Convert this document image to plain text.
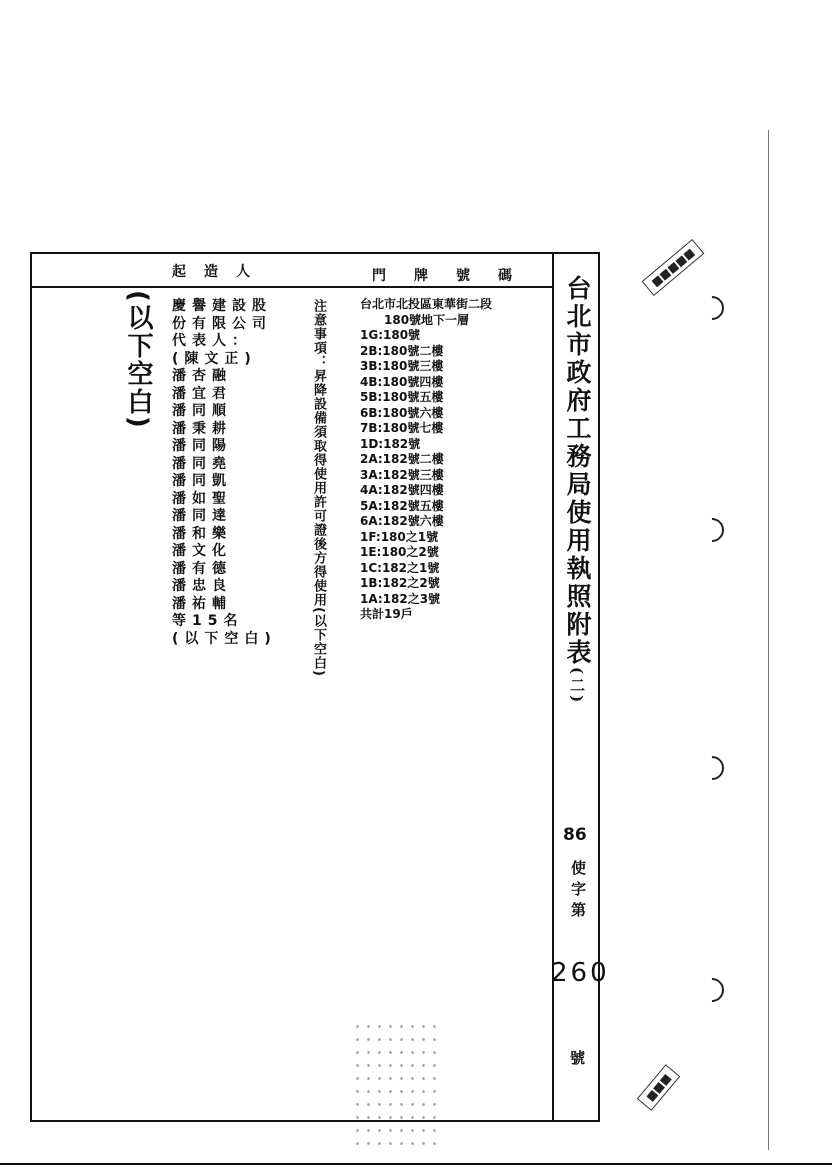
起造人	門牌號碼 台北市政府工務局使用執照附表(二)
(以下空白) 慶譽建設股
份有限公司
代表人：
(陳文正)
潘杏融
潘宜君
潘同順
潘秉耕
潘同陽
潘同堯
潘同凱
潘如聖
潘同達
潘和樂
潘文化
潘有德
潘忠良
潘祐輔
等15名
(以下空白)	注意事項：昇降設備須取得使用許可證後方得使用(以下空白)	台北市北投區東華街二段
180號地下一層
1G:180號
2B:180號二樓
3B:180號三樓
4B:180號四樓
5B:180號五樓
6B:180號六樓
7B:180號七樓
1D:182號
2A:182號二樓
3A:182號三樓
4A:182號四樓
5A:182號五樓
6A:182號六樓
1F:180之1號
1E:180之2號
1C:182之1號
1B:182之2號
1A:182之3號
共計19戶
86
使字第
260
號
■■■■■
■■■
